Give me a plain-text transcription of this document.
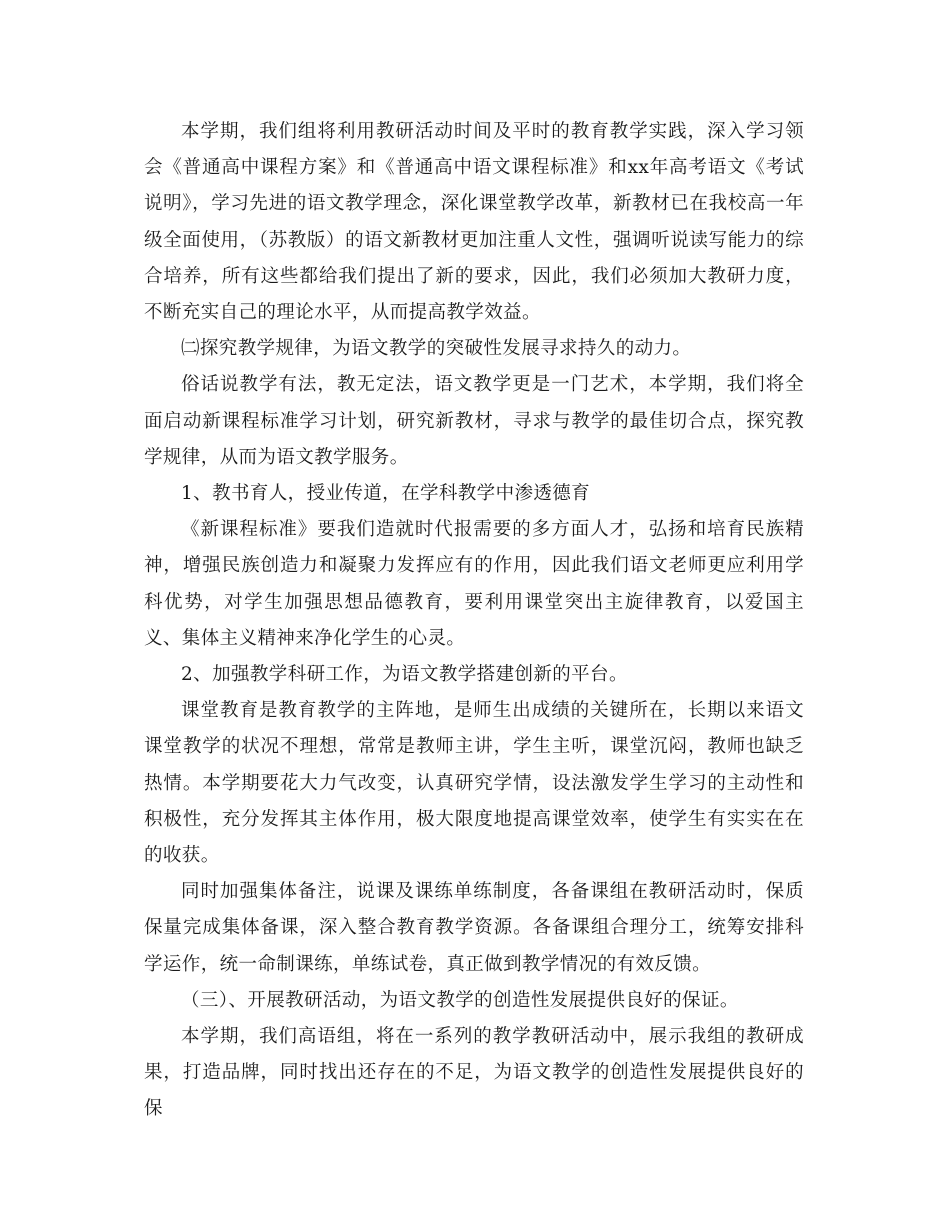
本学期，我们组将利用教研活动时间及平时的教育教学实践，深入学习领会《普通高中课程方案》和《普通高中语文课程标准》和xx年高考语文《考试说明》，学习先进的语文教学理念，深化课堂教学改革，新教材已在我校高一年级全面使用，（苏教版）的语文新教材更加注重人文性，强调听说读写能力的综合培养，所有这些都给我们提出了新的要求，因此，我们必须加大教研力度，不断充实自己的理论水平，从而提高教学效益。

㈡探究教学规律，为语文教学的突破性发展寻求持久的动力。

俗话说教学有法，教无定法，语文教学更是一门艺术，本学期，我们将全面启动新课程标准学习计划，研究新教材，寻求与教学的最佳切合点，探究教学规律，从而为语文教学服务。

1、教书育人，授业传道，在学科教学中渗透德育

《新课程标准》要我们造就时代报需要的多方面人才，弘扬和培育民族精神，增强民族创造力和凝聚力发挥应有的作用，因此我们语文老师更应利用学科优势，对学生加强思想品德教育，要利用课堂突出主旋律教育，以爱国主义、集体主义精神来净化学生的心灵。

2、加强教学科研工作，为语文教学搭建创新的平台。

课堂教育是教育教学的主阵地，是师生出成绩的关键所在，长期以来语文课堂教学的状况不理想，常常是教师主讲，学生主听，课堂沉闷，教师也缺乏热情。本学期要花大力气改变，认真研究学情，设法激发学生学习的主动性和积极性，充分发挥其主体作用，极大限度地提高课堂效率，使学生有实实在在的收获。

同时加强集体备注，说课及课练单练制度，各备课组在教研活动时，保质保量完成集体备课，深入整合教育教学资源。各备课组合理分工，统筹安排科学运作，统一命制课练，单练试卷，真正做到教学情况的有效反馈。

（三）、开展教研活动，为语文教学的创造性发展提供良好的保证。

本学期，我们高语组，将在一系列的教学教研活动中，展示我组的教研成果，打造品牌，同时找出还存在的不足，为语文教学的创造性发展提供良好的保
